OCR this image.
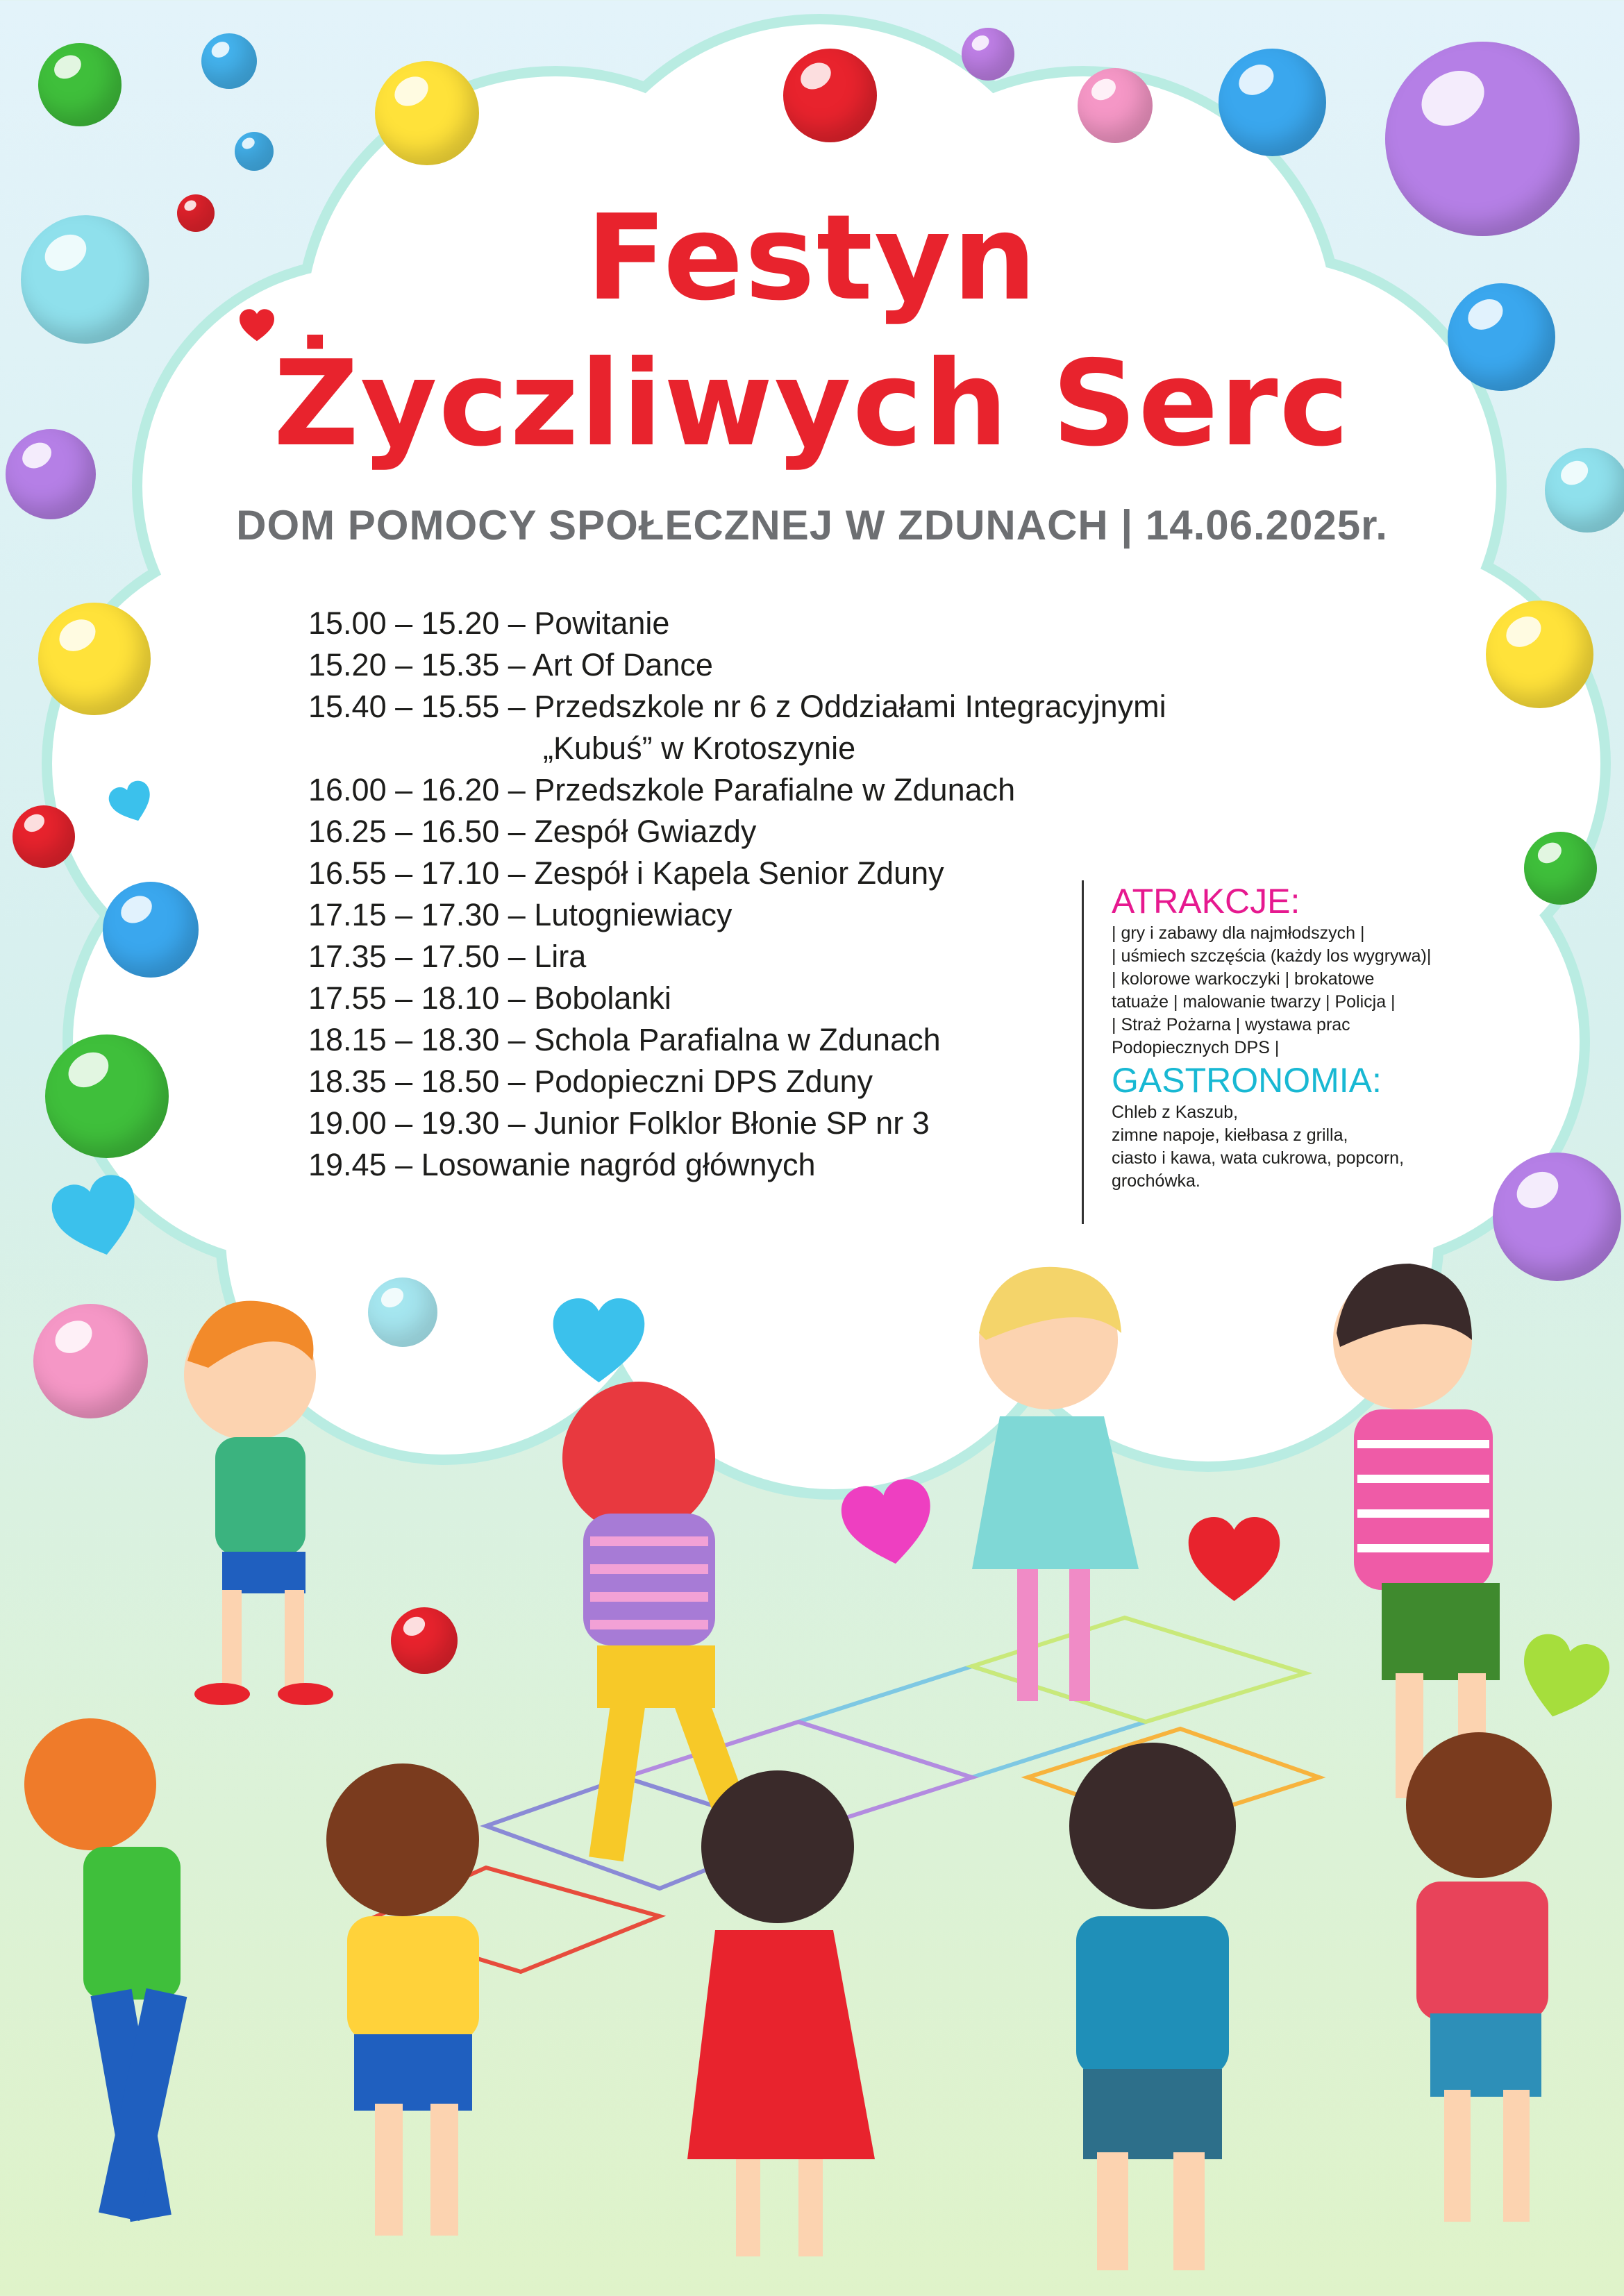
Festyn
Życzliwych Serc
DOM POMOCY SPOŁECZNEJ W ZDUNACH | 14.06.2025r.
15.00 – 15.20 – Powitanie
15.20 – 15.35 – Art Of Dance
15.40 – 15.55 – Przedszkole nr 6 z Oddziałami Integracyjnymi
„Kubuś” w Krotoszynie
16.00 – 16.20 – Przedszkole Parafialne w Zdunach
16.25 – 16.50 – Zespół Gwiazdy
16.55 – 17.10 – Zespół i Kapela Senior Zduny
17.15 – 17.30 – Lutogniewiacy
17.35 – 17.50 – Lira
17.55 – 18.10 – Bobolanki
18.15 – 18.30 – Schola Parafialna w Zdunach
18.35 – 18.50 – Podopieczni DPS Zduny
19.00 – 19.30 – Junior Folklor Błonie SP nr 3
19.45 – Losowanie nagród głównych
ATRAKCJE:
| gry i zabawy dla najmłodszych |
| uśmiech szczęścia (każdy los wygrywa)|
| kolorowe warkoczyki | brokatowe
tatuaże | malowanie twarzy | Policja |
| Straż Pożarna | wystawa prac
Podopiecznych DPS |
GASTRONOMIA:
Chleb z Kaszub,
zimne napoje, kiełbasa z grilla,
ciasto i kawa, wata cukrowa, popcorn,
grochówka.
